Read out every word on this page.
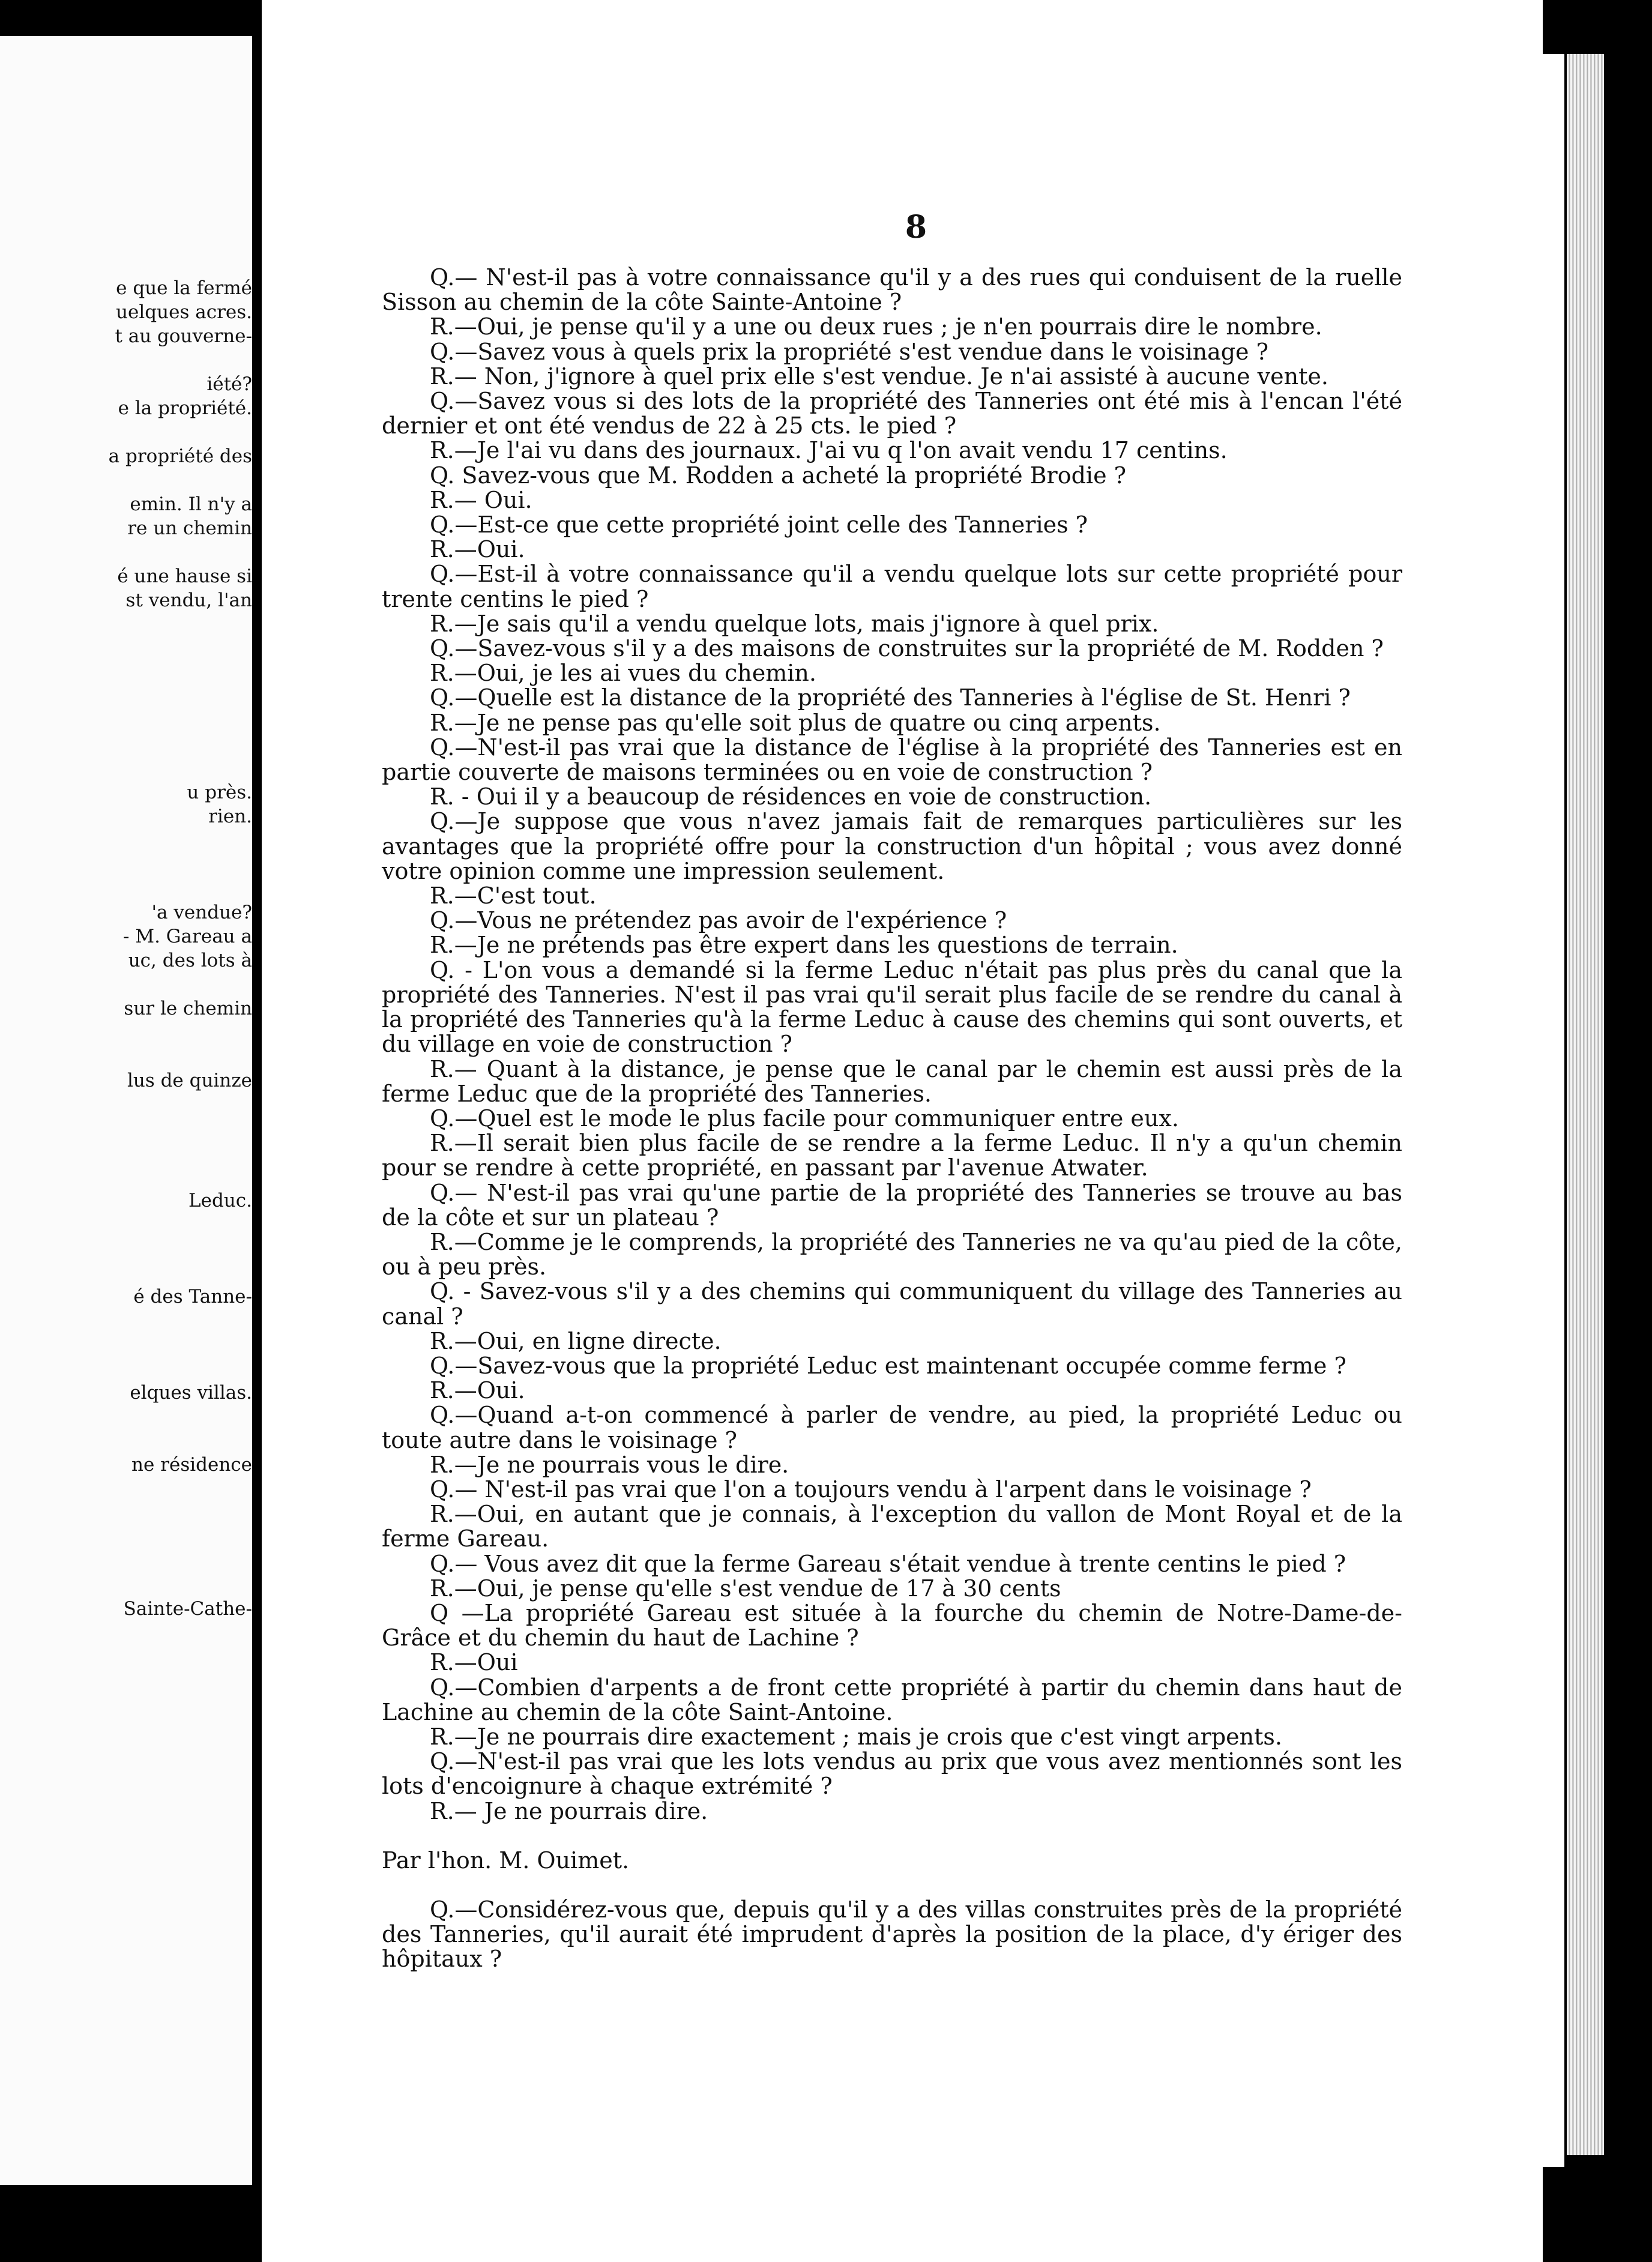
e que la fermé
uelques acres.
t au gouverne-

iété?
e la propriété.

a propriété des

emin. Il n'y a
re un chemin

é une hause si
st vendu, l'an

u près.
rien.

'a vendue?
- M. Gareau a
uc, des lots à

sur le chemin

lus de quinze

Leduc.

é des Tanne-

elques villas.

ne résidence

Sainte-Cathe-
8

Q.— N'est-il pas à votre connaissance qu'il y a des rues qui conduisent de la ruelle Sisson au chemin de la côte Sainte-Antoine ?

R.—Oui, je pense qu'il y a une ou deux rues ; je n'en pourrais dire le nombre.

Q.—Savez vous à quels prix la propriété s'est vendue dans le voisinage ?

R.— Non, j'ignore à quel prix elle s'est vendue. Je n'ai assisté à aucune vente.

Q.—Savez vous si des lots de la propriété des Tanneries ont été mis à l'encan l'été dernier et ont été vendus de 22 à 25 cts. le pied ?

R.—Je l'ai vu dans des journaux. J'ai vu q l'on avait vendu 17 centins.

Q. Savez-vous que M. Rodden a acheté la propriété Brodie ?

R.— Oui.

Q.—Est-ce que cette propriété joint celle des Tanneries ?

R.—Oui.

Q.—Est-il à votre connaissance qu'il a vendu quelque lots sur cette propriété pour trente centins le pied ?

R.—Je sais qu'il a vendu quelque lots, mais j'ignore à quel prix.

Q.—Savez-vous s'il y a des maisons de construites sur la propriété de M. Rodden ?

R.—Oui, je les ai vues du chemin.

Q.—Quelle est la distance de la propriété des Tanneries à l'église de St. Henri ?

R.—Je ne pense pas qu'elle soit plus de quatre ou cinq arpents.

Q.—N'est-il pas vrai que la distance de l'église à la propriété des Tanneries est en partie couverte de maisons terminées ou en voie de construction ?

R. - Oui il y a beaucoup de résidences en voie de construction.

Q.—Je suppose que vous n'avez jamais fait de remarques particulières sur les avantages que la propriété offre pour la construction d'un hôpital ; vous avez donné votre opinion comme une impression seulement.

R.—C'est tout.

Q.—Vous ne prétendez pas avoir de l'expérience ?

R.—Je ne prétends pas être expert dans les questions de terrain.

Q. - L'on vous a demandé si la ferme Leduc n'était pas plus près du canal que la propriété des Tanneries. N'est il pas vrai qu'il serait plus facile de se rendre du canal à la propriété des Tanneries qu'à la ferme Leduc à cause des chemins qui sont ouverts, et du village en voie de construction ?

R.— Quant à la distance, je pense que le canal par le chemin est aussi près de la ferme Leduc que de la propriété des Tanneries.

Q.—Quel est le mode le plus facile pour communiquer entre eux.

R.—Il serait bien plus facile de se rendre a la ferme Leduc. Il n'y a qu'un chemin pour se rendre à cette propriété, en passant par l'avenue Atwater.

Q.— N'est-il pas vrai qu'une partie de la propriété des Tanneries se trouve au bas de la côte et sur un plateau ?

R.—Comme je le comprends, la propriété des Tanneries ne va qu'au pied de la côte, ou à peu près.

Q. - Savez-vous s'il y a des chemins qui communiquent du village des Tanneries au canal ?

R.—Oui, en ligne directe.

Q.—Savez-vous que la propriété Leduc est maintenant occupée comme ferme ?

R.—Oui.

Q.—Quand a-t-on commencé à parler de vendre, au pied, la propriété Leduc ou toute autre dans le voisinage ?

R.—Je ne pourrais vous le dire.

Q.— N'est-il pas vrai que l'on a toujours vendu à l'arpent dans le voisinage ?

R.—Oui, en autant que je connais, à l'exception du vallon de Mont Royal et de la ferme Gareau.

Q.— Vous avez dit que la ferme Gareau s'était vendue à trente centins le pied ?

R.—Oui, je pense qu'elle s'est vendue de 17 à 30 cents

Q —La propriété Gareau est située à la fourche du chemin de Notre-Dame-de-Grâce et du chemin du haut de Lachine ?

R.—Oui

Q.—Combien d'arpents a de front cette propriété à partir du chemin dans haut de Lachine au chemin de la côte Saint-Antoine.

R.—Je ne pourrais dire exactement ; mais je crois que c'est vingt arpents.

Q.—N'est-il pas vrai que les lots vendus au prix que vous avez mentionnés sont les lots d'encoignure à chaque extrémité ?

R.— Je ne pourrais dire.

Par l'hon. M. Ouimet.

Q.—Considérez-vous que, depuis qu'il y a des villas construites près de la propriété des Tanneries, qu'il aurait été imprudent d'après la position de la place, d'y ériger des hôpitaux ?
